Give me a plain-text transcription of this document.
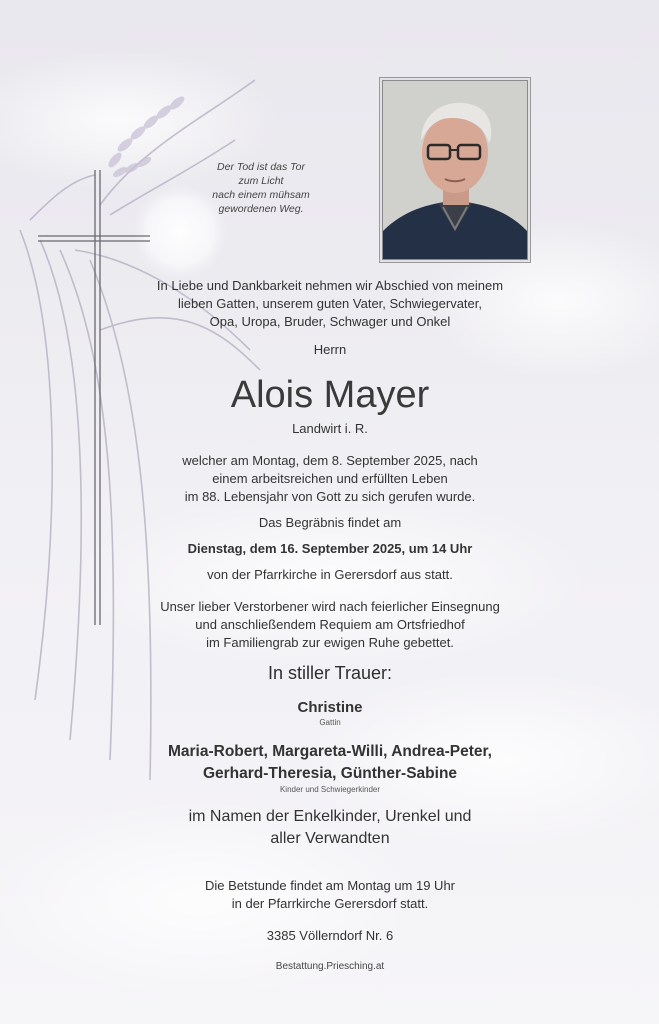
Der Tod ist das Tor
zum Licht
nach einem mühsam
gewordenen Weg.
In Liebe und Dankbarkeit nehmen wir Abschied von meinem
lieben Gatten, unserem guten Vater, Schwiegervater,
Opa, Uropa, Bruder, Schwager und Onkel
Herrn
Alois Mayer
Landwirt i. R.
welcher am Montag, dem 8. September 2025, nach
einem arbeitsreichen und erfüllten Leben
im 88. Lebensjahr von Gott zu sich gerufen wurde.
Das Begräbnis findet am
Dienstag, dem 16. September 2025, um 14 Uhr
von der Pfarrkirche in Gerersdorf aus statt.
Unser lieber Verstorbener wird nach feierlicher Einsegnung
und anschließendem Requiem am Ortsfriedhof
im Familiengrab zur ewigen Ruhe gebettet.
In stiller Trauer:
Christine
Gattin
Maria-Robert, Margareta-Willi, Andrea-Peter,
Gerhard-Theresia, Günther-Sabine
Kinder und Schwiegerkinder
im Namen der Enkelkinder, Urenkel und
aller Verwandten
Die Betstunde findet am Montag um 19 Uhr
in der Pfarrkirche Gerersdorf statt.
3385 Völlerndorf Nr. 6
Bestattung.Priesching.at
